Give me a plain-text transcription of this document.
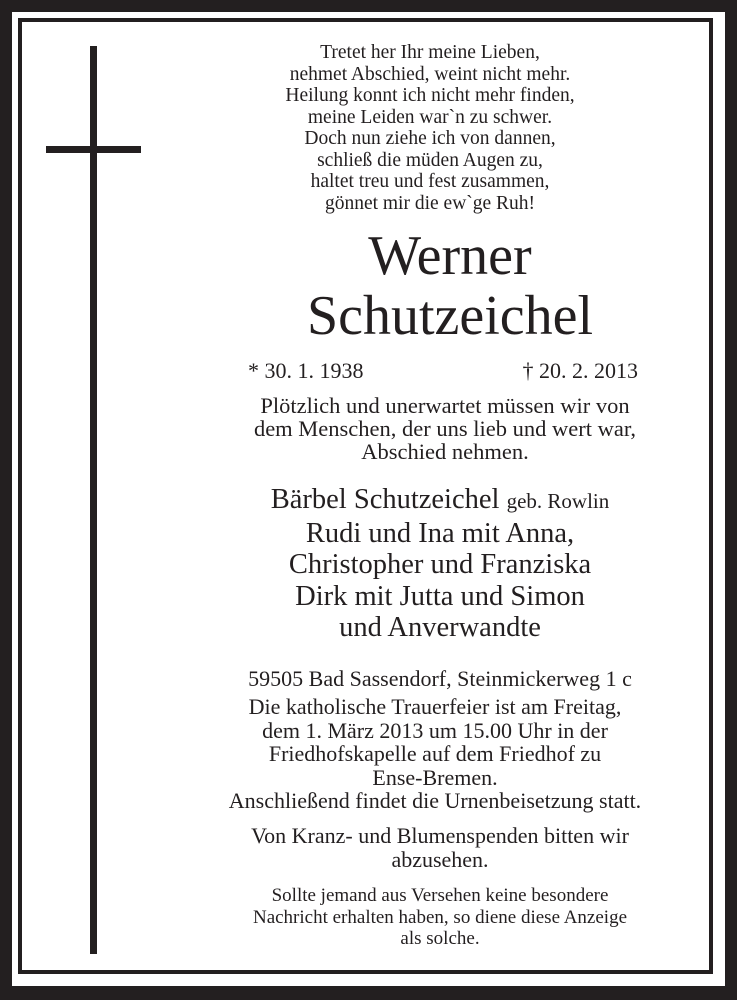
Tretet her Ihr meine Lieben,
nehmet Abschied, weint nicht mehr.
Heilung konnt ich nicht mehr finden,
meine Leiden war`n zu schwer.
Doch nun ziehe ich von dannen,
schließ die müden Augen zu,
haltet treu und fest zusammen,
gönnet mir die ew`ge Ruh!
Werner
Schutzeichel
* 30. 1. 1938	† 20. 2. 2013
Plötzlich und unerwartet müssen wir von
dem Menschen, der uns lieb und wert war,
Abschied nehmen.
Bärbel Schutzeichel geb. Rowlin
Rudi und Ina mit Anna,
Christopher und Franziska
Dirk mit Jutta und Simon
und Anverwandte
59505 Bad Sassendorf, Steinmickerweg 1 c
Die katholische Trauerfeier ist am Freitag,
dem 1. März 2013 um 15.00 Uhr in der
Friedhofskapelle auf dem Friedhof zu
Ense-Bremen.
Anschließend findet die Urnenbeisetzung statt.
Von Kranz- und Blumenspenden bitten wir
abzusehen.
Sollte jemand aus Versehen keine besondere
Nachricht erhalten haben, so diene diese Anzeige
als solche.
